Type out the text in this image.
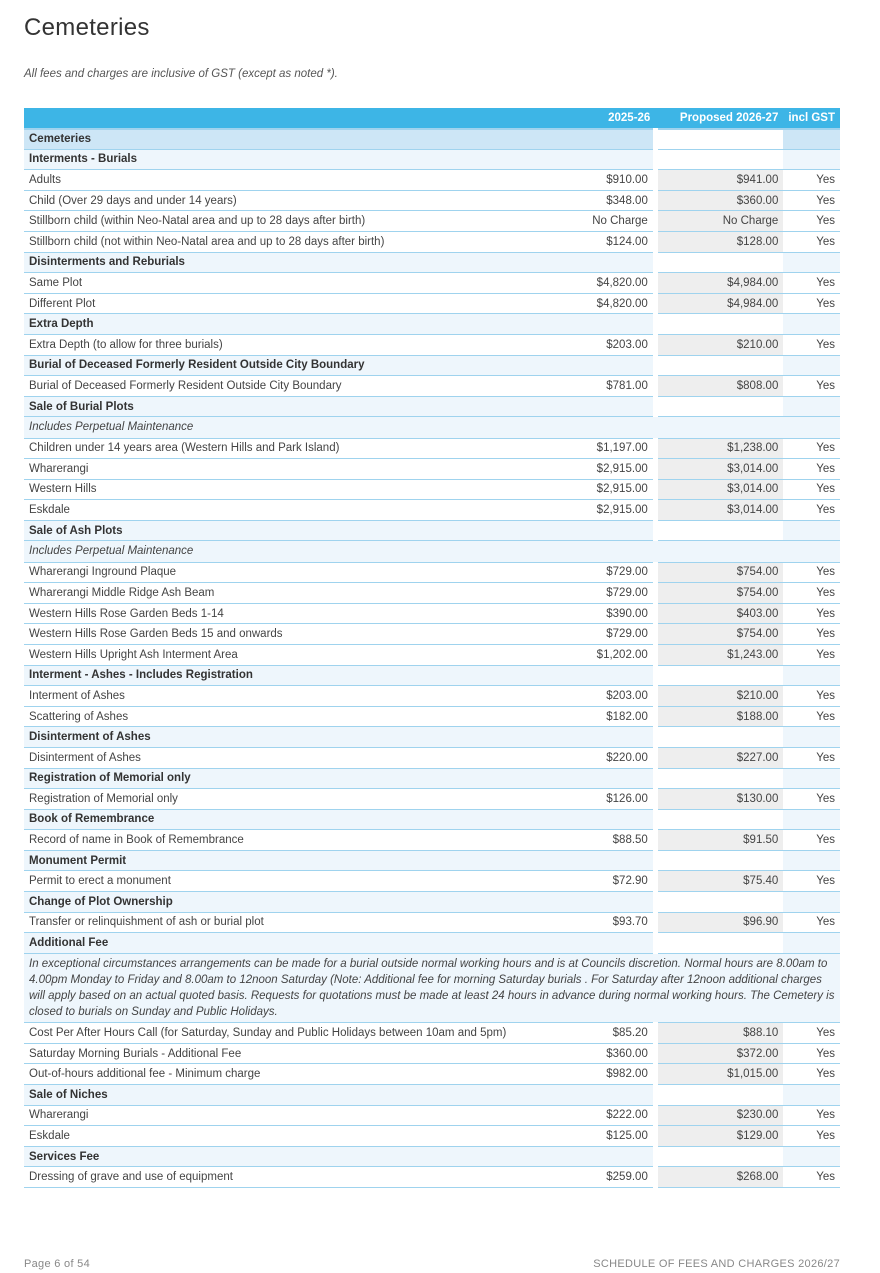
Cemeteries
All fees and charges are inclusive of GST (except as noted *).
	2025-26	Proposed 2026-27	incl GST
Cemeteries			
Interments - Burials			
Adults	$910.00	$941.00	Yes
Child (Over 29 days and under 14 years)	$348.00	$360.00	Yes
Stillborn child (within Neo-Natal area and up to 28 days after birth)	No Charge	No Charge	Yes
Stillborn child (not within Neo-Natal area and up to 28 days after birth)	$124.00	$128.00	Yes
Disinterments and Reburials			
Same Plot	$4,820.00	$4,984.00	Yes
Different Plot	$4,820.00	$4,984.00	Yes
Extra Depth			
Extra Depth (to allow for three burials)	$203.00	$210.00	Yes
Burial of Deceased Formerly Resident Outside City Boundary			
Burial of Deceased Formerly Resident Outside City Boundary	$781.00	$808.00	Yes
Sale of Burial Plots			
Includes Perpetual Maintenance			
Children under 14 years area (Western Hills and Park Island)	$1,197.00	$1,238.00	Yes
Wharerangi	$2,915.00	$3,014.00	Yes
Western Hills	$2,915.00	$3,014.00	Yes
Eskdale	$2,915.00	$3,014.00	Yes
Sale of Ash Plots			
Includes Perpetual Maintenance			
Wharerangi Inground Plaque	$729.00	$754.00	Yes
Wharerangi Middle Ridge Ash Beam	$729.00	$754.00	Yes
Western Hills Rose Garden Beds 1-14	$390.00	$403.00	Yes
Western Hills Rose Garden Beds 15 and onwards	$729.00	$754.00	Yes
Western Hills Upright Ash Interment Area	$1,202.00	$1,243.00	Yes
Interment - Ashes - Includes Registration			
Interment of Ashes	$203.00	$210.00	Yes
Scattering of Ashes	$182.00	$188.00	Yes
Disinterment of Ashes			
Disinterment of Ashes	$220.00	$227.00	Yes
Registration of Memorial only			
Registration of Memorial only	$126.00	$130.00	Yes
Book of Remembrance			
Record of name in Book of Remembrance	$88.50	$91.50	Yes
Monument Permit			
Permit to erect a monument	$72.90	$75.40	Yes
Change of Plot Ownership			
Transfer or relinquishment of ash or burial plot	$93.70	$96.90	Yes
Additional Fee			
In exceptional circumstances arrangements can be made for a burial outside normal working hours and is at Councils discretion. Normal hours are 8.00am to 4.00pm Monday to Friday and 8.00am to 12noon Saturday (Note: Additional fee for morning Saturday burials . For Saturday after 12noon additional charges will apply based on an actual quoted basis. Requests for quotations must be made at least 24 hours in advance during normal working hours. The Cemetery is closed to burials on Sunday and Public Holidays.			
Cost Per After Hours Call (for Saturday, Sunday and Public Holidays between 10am and 5pm)	$85.20	$88.10	Yes
Saturday Morning Burials - Additional Fee	$360.00	$372.00	Yes
Out-of-hours additional fee - Minimum charge	$982.00	$1,015.00	Yes
Sale of Niches			
Wharerangi	$222.00	$230.00	Yes
Eskdale	$125.00	$129.00	Yes
Services Fee			
Dressing of grave and use of equipment	$259.00	$268.00	Yes
Page 6 of 54	SCHEDULE OF FEES AND CHARGES 2026/27
